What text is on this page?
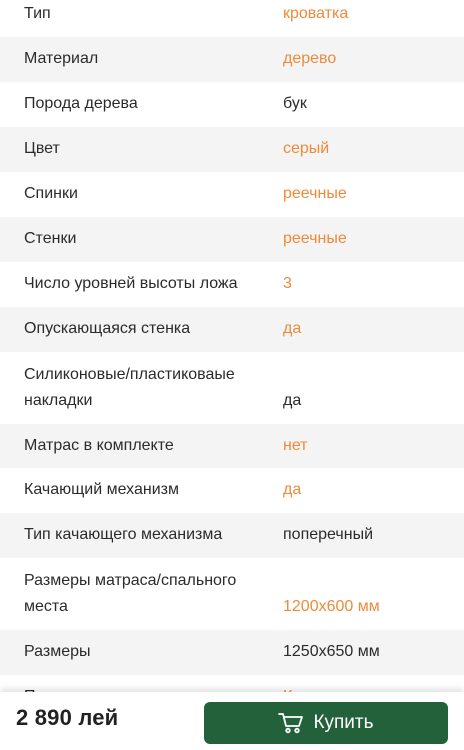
Тип	кроватка
Материал	дерево
Порода дерева	бук
Цвет	серый
Спинки	реечные
Стенки	реечные
Число уровней высоты ложа	3
Опускающаяся стенка	да
Силиконовые/пластиковаые накладки	да
Матрас в комплекте	нет
Качающий механизм	да
Тип качающего механизма	поперечный
Размеры матраса/спального места	1200x600 мм
Размеры	1250x650 мм
2 890 лей	Купить
